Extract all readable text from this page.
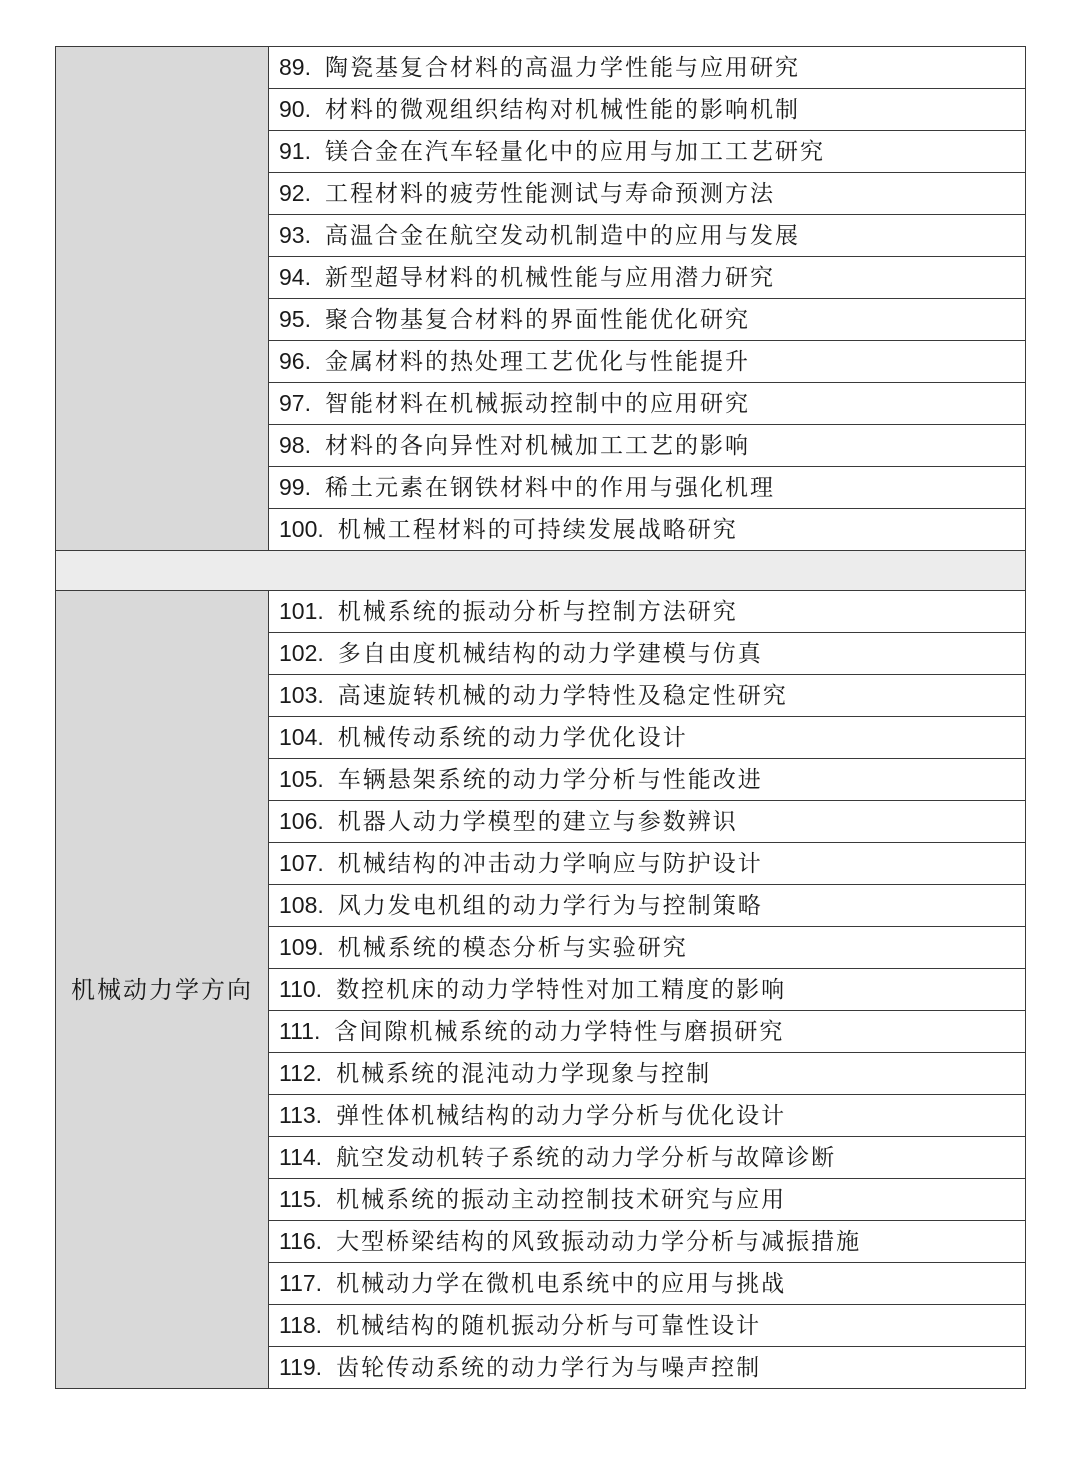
	89. 陶瓷基复合材料的高温力学性能与应用研究
	90. 材料的微观组织结构对机械性能的影响机制
	91. 镁合金在汽车轻量化中的应用与加工工艺研究
	92. 工程材料的疲劳性能测试与寿命预测方法
	93. 高温合金在航空发动机制造中的应用与发展
	94. 新型超导材料的机械性能与应用潜力研究
	95. 聚合物基复合材料的界面性能优化研究
	96. 金属材料的热处理工艺优化与性能提升
	97. 智能材料在机械振动控制中的应用研究
	98. 材料的各向异性对机械加工工艺的影响
	99. 稀土元素在钢铁材料中的作用与强化机理
	100. 机械工程材料的可持续发展战略研究

机械动力学方向	101. 机械系统的振动分析与控制方法研究
	102. 多自由度机械结构的动力学建模与仿真
	103. 高速旋转机械的动力学特性及稳定性研究
	104. 机械传动系统的动力学优化设计
	105. 车辆悬架系统的动力学分析与性能改进
	106. 机器人动力学模型的建立与参数辨识
	107. 机械结构的冲击动力学响应与防护设计
	108. 风力发电机组的动力学行为与控制策略
	109. 机械系统的模态分析与实验研究
	110. 数控机床的动力学特性对加工精度的影响
	111. 含间隙机械系统的动力学特性与磨损研究
	112. 机械系统的混沌动力学现象与控制
	113. 弹性体机械结构的动力学分析与优化设计
	114. 航空发动机转子系统的动力学分析与故障诊断
	115. 机械系统的振动主动控制技术研究与应用
	116. 大型桥梁结构的风致振动动力学分析与减振措施
	117. 机械动力学在微机电系统中的应用与挑战
	118. 机械结构的随机振动分析与可靠性设计
	119. 齿轮传动系统的动力学行为与噪声控制
